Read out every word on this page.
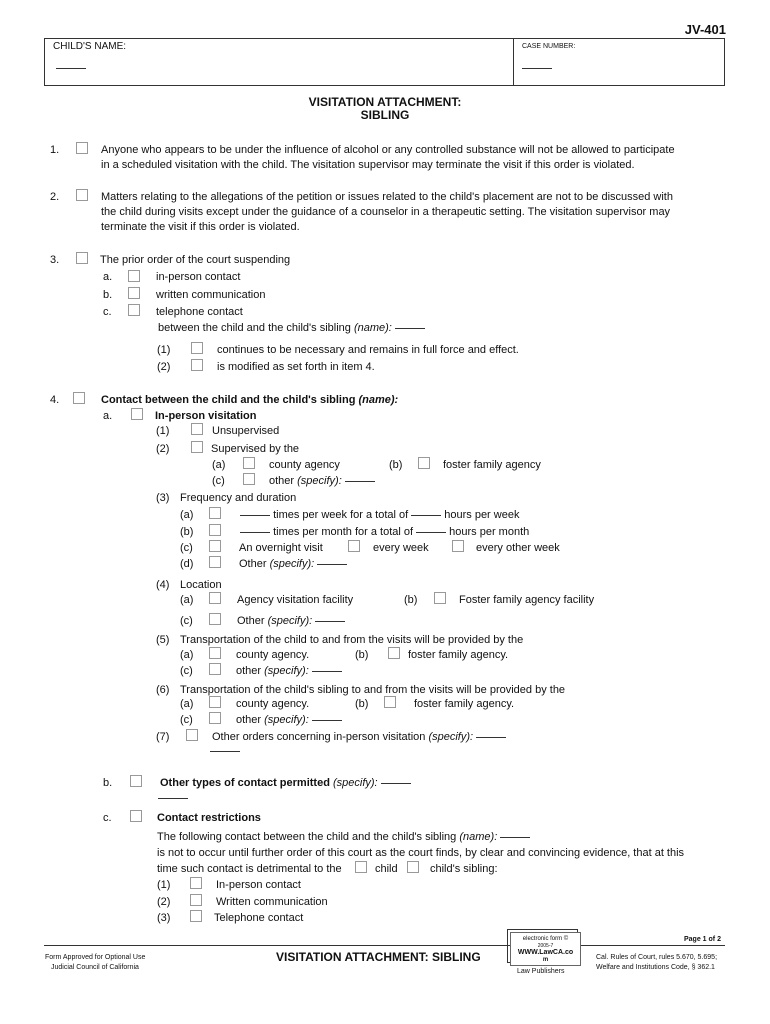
JV-401
CHILD'S NAME:	CASE NUMBER:
VISITATION ATTACHMENT:
SIBLING
1.	Anyone who appears to be under the influence of alcohol or any controlled substance will not be allowed to participate
in a scheduled visitation with the child. The visitation supervisor may terminate the visit if this order is violated.
2.	Matters relating to the allegations of the petition or issues related to the child's placement are not to be discussed with
the child during visits except under the guidance of a counselor in a therapeutic setting. The visitation supervisor may
terminate the visit if this order is violated.
3.	The prior order of the court suspending
a.	in-person contact
b.	written communication
c.	telephone contact
between the child and the child's sibling (name):
(1)	continues to be necessary and remains in full force and effect.
(2)	is modified as set forth in item 4.
4.	Contact between the child and the child's sibling (name):
a.	In-person visitation
(1)	Unsupervised
(2)	Supervised by the
(a)	county agency	(b)	foster family agency
(c)	other (specify):
(3) Frequency and duration
(a)	times per week for a total of	hours per week
(b)	times per month for a total of	hours per month
(c)	An overnight visit	every week	every other week
(d)	Other (specify):
(4) Location
(a)	Agency visitation facility	(b)	Foster family agency facility
(c)	Other (specify):
(5) Transportation of the child to and from the visits will be provided by the
(a)	county agency.	(b)	foster family agency.
(c)	other (specify):
(6) Transportation of the child's sibling to and from the visits will be provided by the
(a)	county agency.	(b)	foster family agency.
(c)	other (specify):
(7)	Other orders concerning in-person visitation (specify):
b.	Other types of contact permitted (specify):
c.	Contact restrictions
The following contact between the child and the child's sibling (name):
is not to occur until further order of this court as the court finds, by clear and convincing evidence, that at this
time such contact is detrimental to the	child	child's sibling:
(1)	In-person contact
(2)	Written communication
(3)	Telephone contact
Form Approved for Optional Use
Judicial Council of California
VISITATION ATTACHMENT: SIBLING
electronic form ©
2005-7
WWW.LawCA.co
m
Law Publishers
Page 1 of 2
Cal. Rules of Court, rules 5.670, 5.695;
Welfare and Institutions Code, § 362.1
